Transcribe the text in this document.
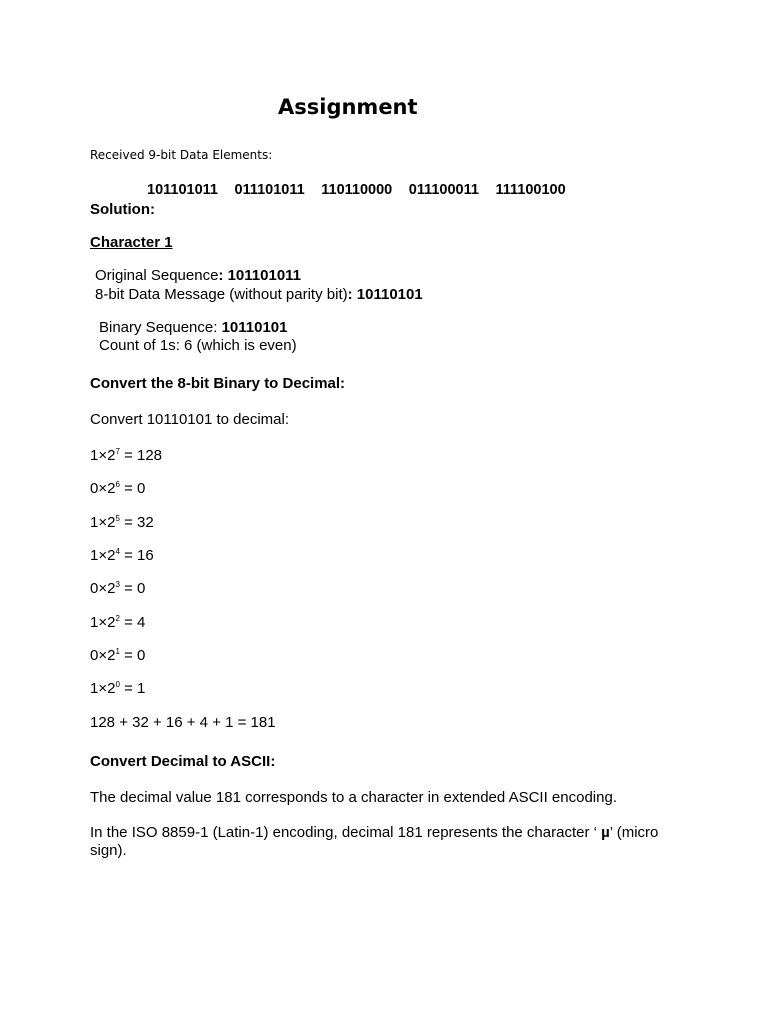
Assignment
Received 9-bit Data Elements:
101101011 011101011 110110000 011100011 111100100
Solution:
Character 1
Original Sequence: 101101011
8-bit Data Message (without parity bit): 10110101
Binary Sequence: 10110101
Count of 1s: 6 (which is even)
Convert the 8-bit Binary to Decimal:
Convert 10110101 to decimal:
$1\times 2^7 = 128$
$0\times 2^6 = 0$
$1\times 2^5 = 32$
$1\times 2^4 = 16$
$0\times 2^3 = 0$
$1\times 2^2 = 4$
$0\times 2^1 = 0$
$1\times 2^0 = 1$
128 + 32 + 16 + 4 + 1 = 181
Convert Decimal to ASCII:
The decimal value 181 corresponds to a character in extended ASCII encoding.
In the ISO 8859-1 (Latin-1) encoding, decimal 181 represents the character ‘ µ’ (micro sign).
